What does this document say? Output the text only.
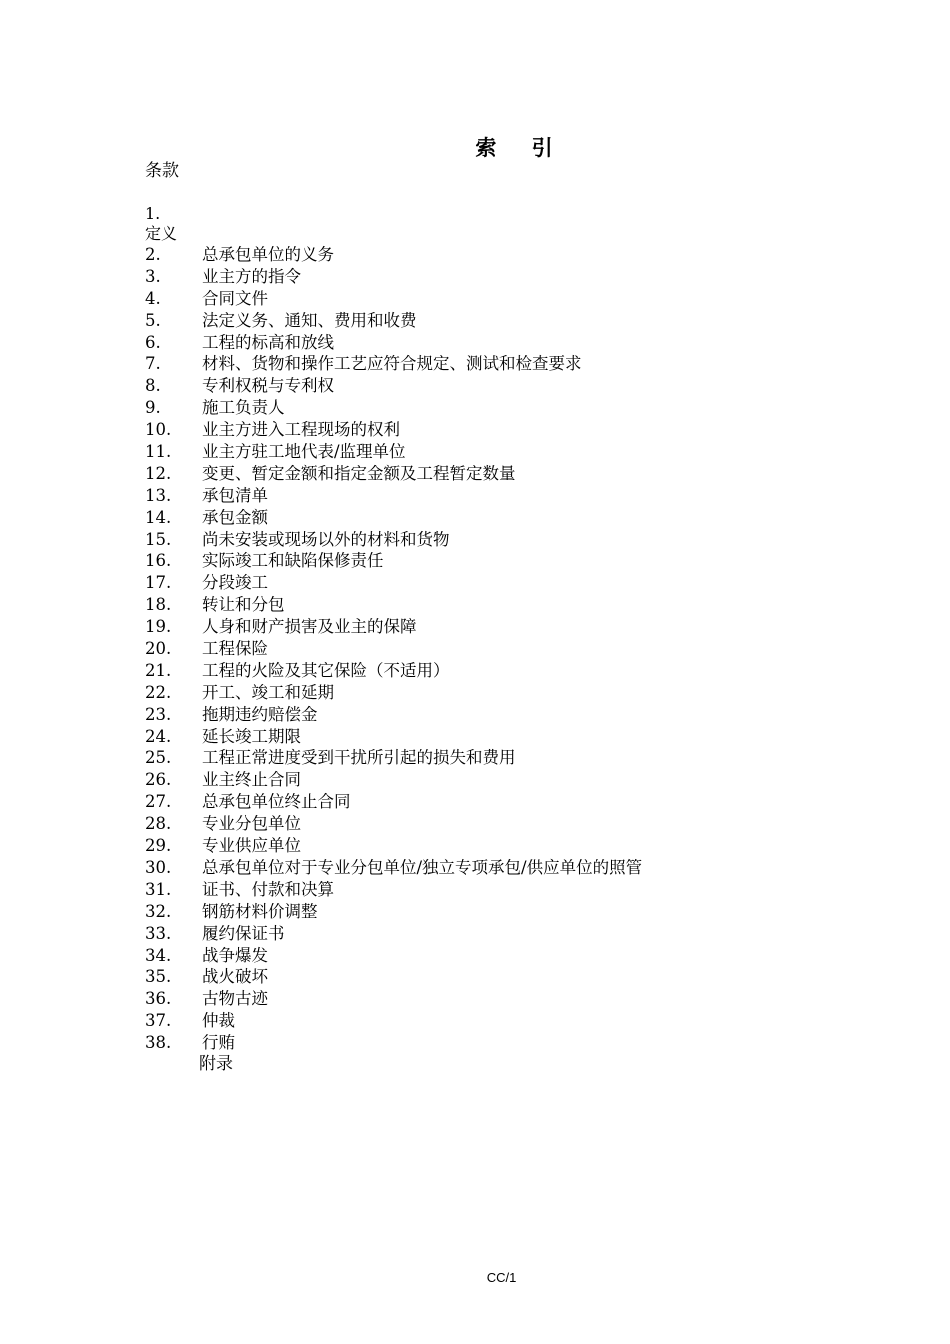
索 引
条款
1.
定义
2.	总承包单位的义务
3.	业主方的指令
4.	合同文件
5.	法定义务、通知、费用和收费
6.	工程的标高和放线
7.	材料、货物和操作工艺应符合规定、测试和检查要求
8.	专利权税与专利权
9.	施工负责人
10.	业主方进入工程现场的权利
11.	业主方驻工地代表/监理单位
12.	变更、暂定金额和指定金额及工程暂定数量
13.	承包清单
14.	承包金额
15.	尚未安装或现场以外的材料和货物
16.	实际竣工和缺陷保修责任
17.	分段竣工
18.	转让和分包
19.	人身和财产损害及业主的保障
20.	工程保险
21.	工程的火险及其它保险（不适用）
22.	开工、竣工和延期
23.	拖期违约赔偿金
24.	延长竣工期限
25.	工程正常进度受到干扰所引起的损失和费用
26.	业主终止合同
27.	总承包单位终止合同
28.	专业分包单位
29.	专业供应单位
30.	总承包单位对于专业分包单位/独立专项承包/供应单位的照管
31.	证书、付款和决算
32.	钢筋材料价调整
33.	履约保证书
34.	战争爆发
35.	战火破坏
36.	古物古迹
37.	仲裁
38.	行贿
附录
CC/1
